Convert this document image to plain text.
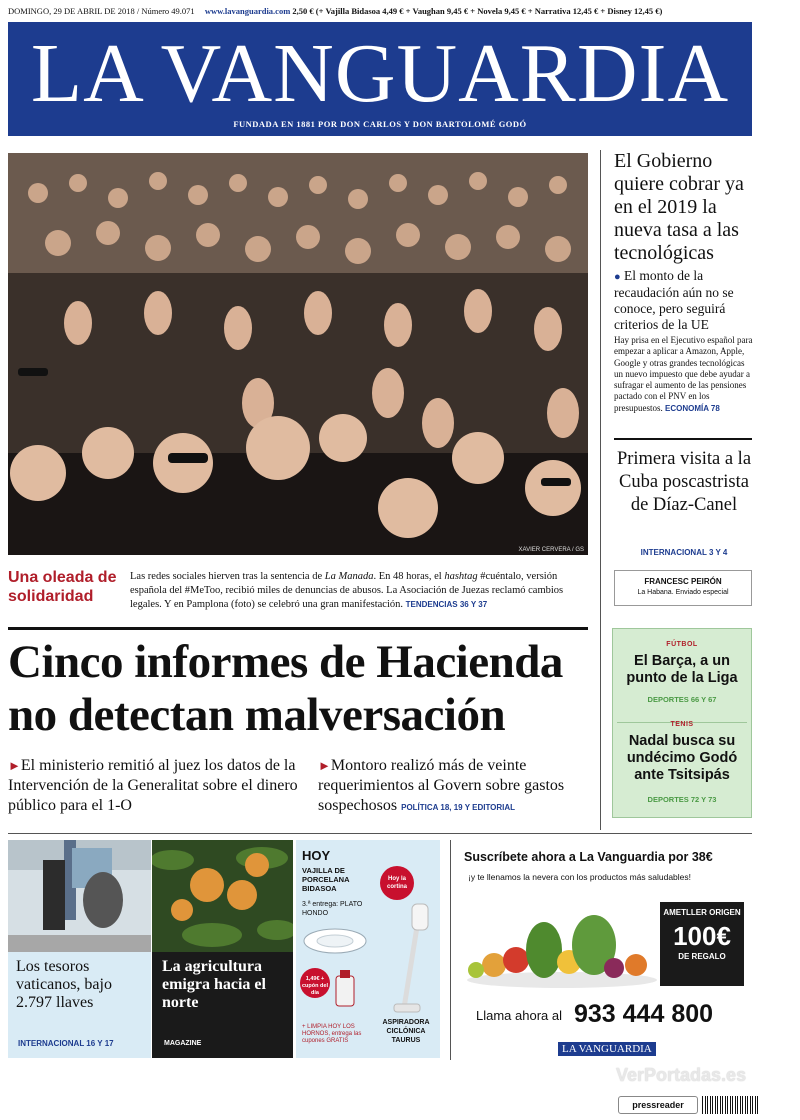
DOMINGO, 29 DE ABRIL DE 2018 / Número 49.071 www.lavanguardia.com 2,50 € (+ Vajilla Bidasoa 4,49 € + Vaughan 9,45 € + Novela 9,45 € + Narrativa 12,45 € + Disney 12,45 €)
LA VANGUARDIA
FUNDADA EN 1881 POR DON CARLOS Y DON BARTOLOMÉ GODÓ
XAVIER CERVERA / GS
Una oleada de solidaridad
Las redes sociales hierven tras la sentencia de La Manada. En 48 horas, el hashtag #cuéntalo, versión española del #MeToo, recibió miles de denuncias de abusos. La Asociación de Juezas reclamó cambios legales. Y en Pamplona (foto) se celebró una gran manifestación. TENDENCIAS 36 Y 37
Cinco informes de Hacienda no detectan malversación
►El ministerio remitió al juez los datos de la Intervención de la Generalitat sobre el dinero público para el 1-O
►Montoro realizó más de veinte requerimientos al Govern sobre gastos sospechosos POLÍTICA 18, 19 Y EDITORIAL
El Gobierno quiere cobrar ya en el 2019 la nueva tasa a las tecnológicas
● El monto de la recaudación aún no se conoce, pero seguirá criterios de la UE
Hay prisa en el Ejecutivo español para empezar a aplicar a Amazon, Apple, Google y otras grandes tecnológicas un nuevo impuesto que debe ayudar a sufragar el aumento de las pensiones pactado con el PNV en los presupuestos. ECONOMÍA 78
Primera visita a la Cuba poscastrista de Díaz-Canel
INTERNACIONAL 3 Y 4
FRANCESC PEIRÓN
La Habana. Enviado especial
FÚTBOL
El Barça, a un punto de la Liga
DEPORTES 66 Y 67
TENIS
Nadal busca su undécimo Godó ante Tsitsipás
DEPORTES 72 Y 73
Los tesoros vaticanos, bajo 2.797 llaves
INTERNACIONAL 16 Y 17
La agricultura emigra hacia el norte
MAGAZINE
HOY
VAJILLA DE PORCELANA BIDASOA
3.ª entrega: PLATO HONDO
Hoy la cortina
1,49€ + cupón del día
+ LIMPIA HOY LOS HORNOS, entrega las cupones GRATIS
ASPIRADORA CICLÓNICA TAURUS
Suscríbete ahora a La Vanguardia por 38€
¡y te llenamos la nevera con los productos más saludables!
AMETLLER ORIGEN
100€
DE REGALO
Llama ahora al 933 444 800
LA VANGUARDIA
VerPortadas.es
pressreader
